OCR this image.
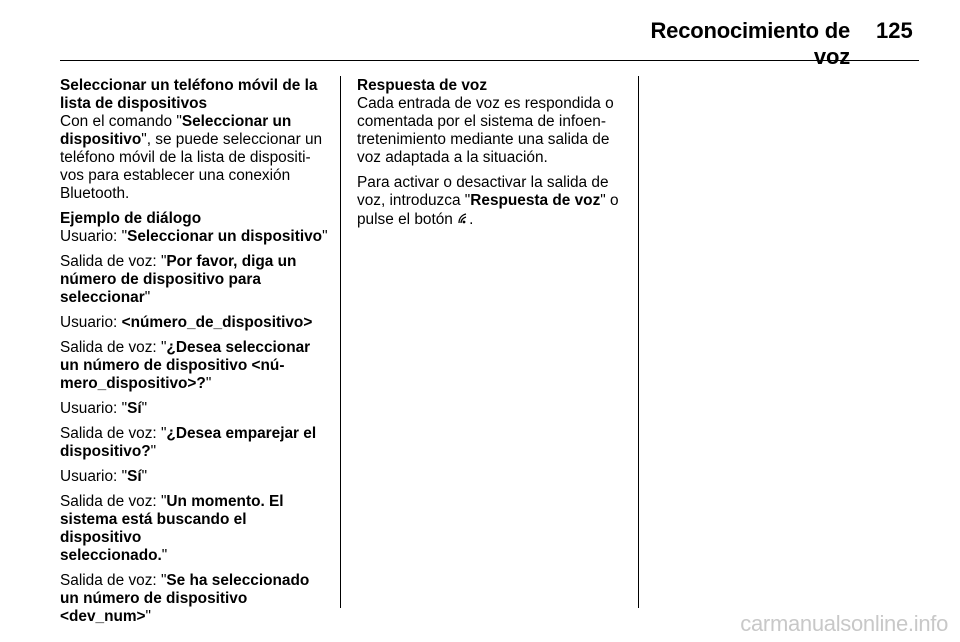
Reconocimiento de voz
125

Seleccionar un teléfono móvil de la
lista de dispositivos

Con el comando "Seleccionar un
dispositivo", se puede seleccionar un
teléfono móvil de la lista de dispositi-
vos para establecer una conexión
Bluetooth.

Ejemplo de diálogo

Usuario: "Seleccionar un dispositivo"

Salida de voz: "Por favor, diga un
número de dispositivo para
seleccionar"

Usuario: <número_de_dispositivo>

Salida de voz: "¿Desea seleccionar
un número de dispositivo <nú-
mero_dispositivo>?"

Usuario: "Sí"

Salida de voz: "¿Desea emparejar el
dispositivo?"

Usuario: "Sí"

Salida de voz: "Un momento. El
sistema está buscando el dispositivo
seleccionado."

Salida de voz: "Se ha seleccionado
un número de dispositivo
<dev_num>"

Respuesta de voz

Cada entrada de voz es respondida o
comentada por el sistema de infoen-
tretenimiento mediante una salida de
voz adaptada a la situación.

Para activar o desactivar la salida de
voz, introduzca "Respuesta de voz" o
pulse el botón .

carmanualsonline.info
